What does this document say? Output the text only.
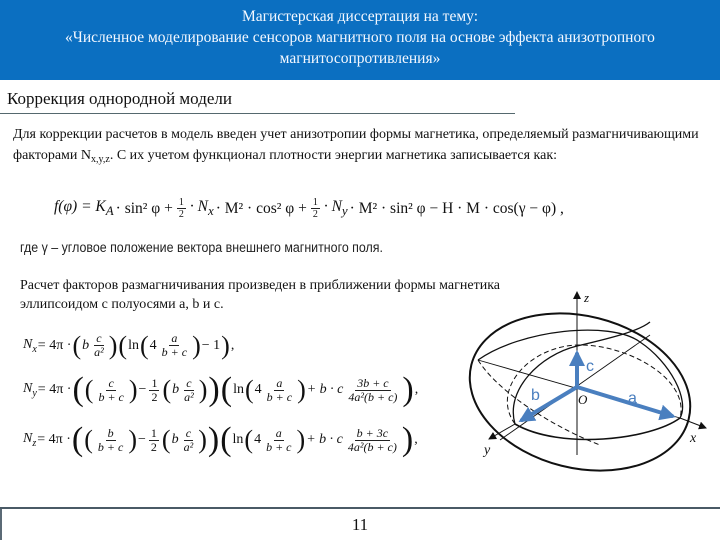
Магистерская диссертация на тему:
«Численное моделирование сенсоров магнитного поля на основе эффекта анизотропного
магнитосопротивления»
Коррекция однородной модели
Для коррекции расчетов в модель введен учет анизотропии формы магнетика, определяемый размагничивающими факторами $N_{x,y,z}$. С их учетом функционал плотности энергии магнетика записывается как:
$f(\varphi) = K_A \cdot \sin^2$ $\varphi + \frac{1}{2} \cdot N_x \cdot M^2 \cdot \cos^2$ $\varphi + \frac{1}{2} \cdot N_y \cdot M^2 \cdot \sin^2$ φ − H · M · cos(γ − φ) ,
где γ – угловое положение вектора внешнего магнитного поля.
Расчет факторов размагничивания произведен в приближении формы магнетика эллипсоидом с полуосями a, b и c.
$N_x = 4\pi$ · ( b $\frac{c}{\text{a²}}$ ) ( ln ( $4 \frac{a}{b + c}$ ) − 1 ) ,
$N_y = 4\pi$ · ( ( $\frac{c}{b + c}$ ) − $\frac{1}{2}$ ( b $\frac{c}{\text{a²}}$ ) ) ( ln ( $4 \frac{a}{b + c}$ ) + b · c $\frac{3b + c}{\text{4a²(b + c)}}$ ) ,
$N_z = 4\pi$ · ( ( $\frac{b}{b + c}$ ) − $\frac{1}{2}$ ( b $\frac{c}{\text{a²}}$ ) ) ( ln ( $4 \frac{a}{b + c}$ ) + b · c $\frac{b + 3c}{\text{4a²(b + c)}}$ ) ,
c
b	a
O
z
x
y
11
